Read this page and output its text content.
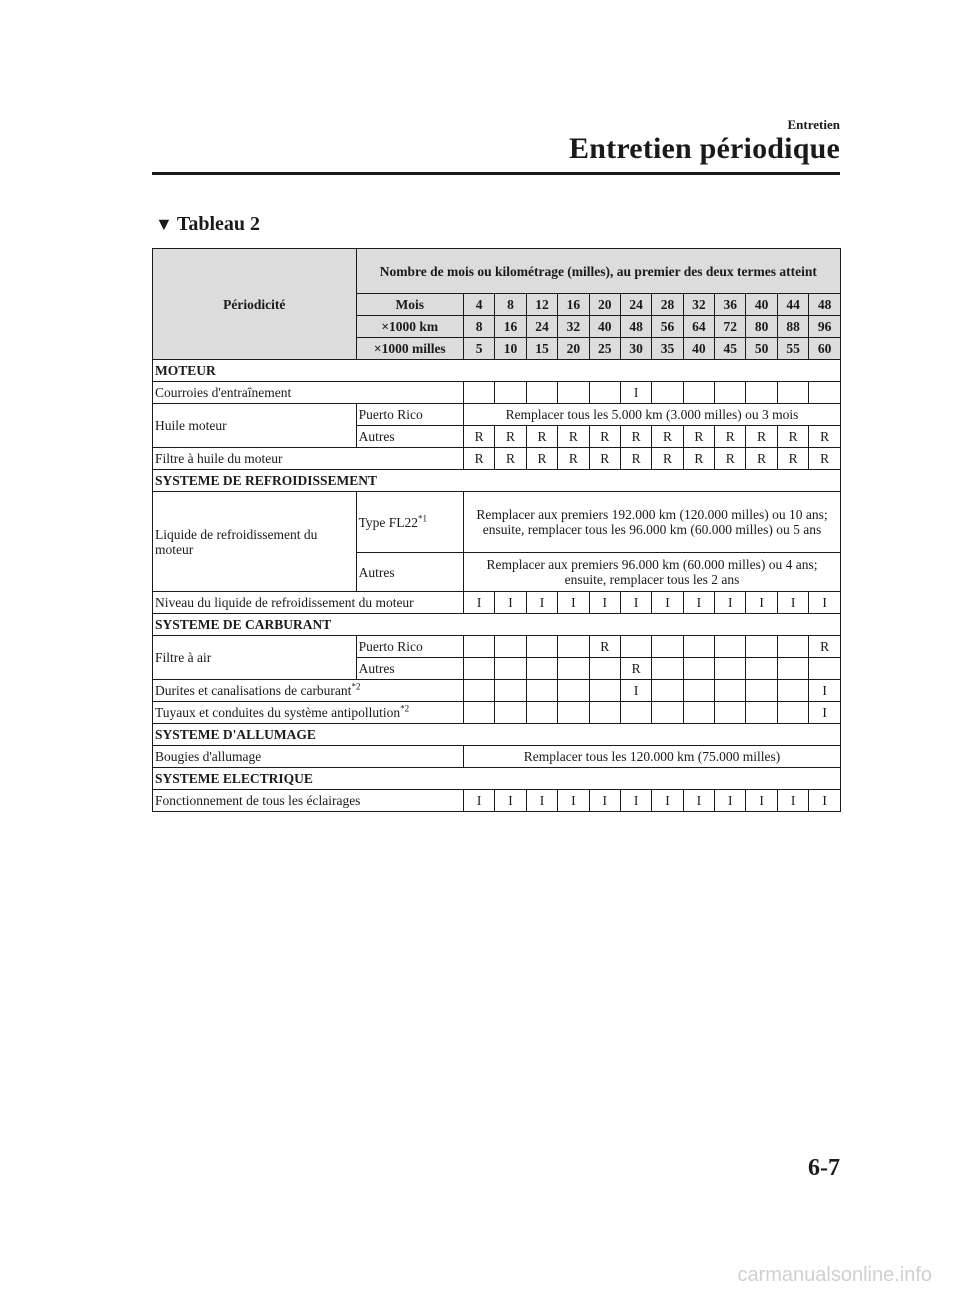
Entretien
Entretien périodique
▼ Tableau 2
Périodicité	Nombre de mois ou kilométrage (milles), au premier des deux termes atteint												
	Mois	4	8	12	16	20	24	28	32	36	40	44	48
	×1000 km	8	16	24	32	40	48	56	64	72	80	88	96
	×1000 milles	5	10	15	20	25	30	35	40	45	50	55	60
MOTEUR													
Courroies d'entraînement							I						
Huile moteur	Puerto Rico	Remplacer tous les 5.000 km (3.000 milles) ou 3 mois											
	Autres	R	R	R	R	R	R	R	R	R	R	R	R
Filtre à huile du moteur		R	R	R	R	R	R	R	R	R	R	R	R
SYSTEME DE REFROIDISSEMENT													
Liquide de refroidissement du moteur	Type FL22$^{*1}$	Remplacer aux premiers 192.000 km (120.000 milles) ou 10 ans; ensuite, remplacer tous les 96.000 km (60.000 milles) ou 5 ans											
	Autres	Remplacer aux premiers 96.000 km (60.000 milles) ou 4 ans; ensuite, remplacer tous les 2 ans											
Niveau du liquide de refroidissement du moteur		I	I	I	I	I	I	I	I	I	I	I	I
SYSTEME DE CARBURANT													
Filtre à air	Puerto Rico					R							R
	Autres						R						
Durites et canalisations de carburant$^{*2}$							I						I
Tuyaux et conduites du système antipollution$^{*2}$													I
SYSTEME D'ALLUMAGE													
Bougies d'allumage		Remplacer tous les 120.000 km (75.000 milles)											
SYSTEME ELECTRIQUE													
Fonctionnement de tous les éclairages		I	I	I	I	I	I	I	I	I	I	I	I
6-7
carmanualsonline.info
